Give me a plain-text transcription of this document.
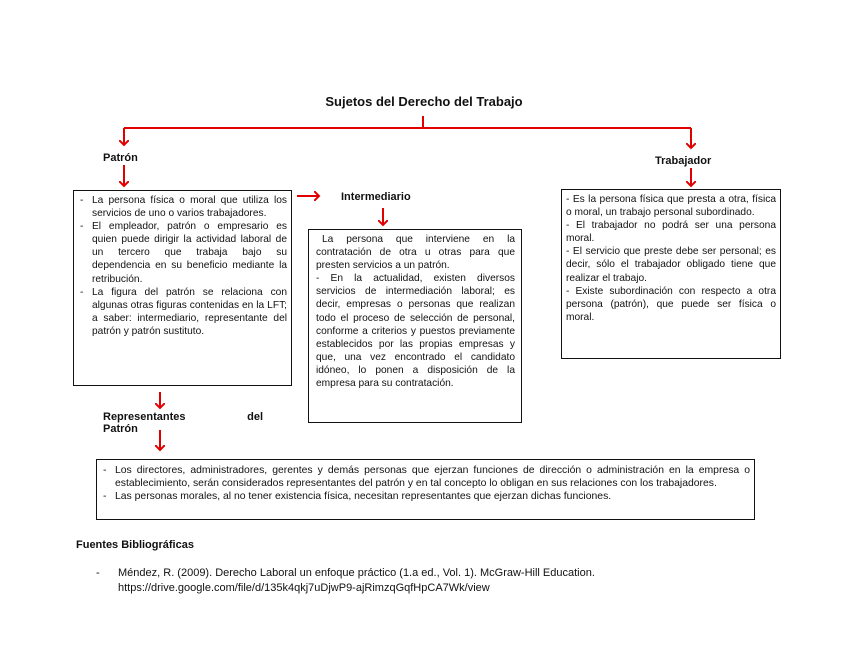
Sujetos del Derecho del Trabajo
Patrón
- La persona física o moral que utiliza los servicios de uno o varios trabajadores.
- El empleador, patrón o empresario es quien puede dirigir la actividad laboral de un tercero que trabaja bajo su dependencia en su beneficio mediante la retribución.
- La figura del patrón se relaciona con algunas otras figuras contenidas en la LFT; a saber: intermediario, representante del patrón y patrón sustituto.
Intermediario

La persona que interviene en la contratación de otra u otras para que presten servicios a un patrón.

- En la actualidad, existen diversos servicios de intermediación laboral; es decir, empresas o personas que realizan todo el proceso de selección de personal, conforme a criterios y puestos previamente establecidos por las propias empresas y que, una vez encontrado el candidato idóneo, lo ponen a disposición de la empresa para su contratación.

Trabajador

- Es la persona física que presta a otra, física o moral, un trabajo personal subordinado.

- El trabajador no podrá ser una persona moral.

- El servicio que preste debe ser personal; es decir, sólo el trabajador obligado tiene que realizar el trabajo.

- Existe subordinación con respecto a otra persona (patrón), que puede ser física o moral.

Representantes del
Patrón
- Los directores, administradores, gerentes y demás personas que ejerzan funciones de dirección o administración en la empresa o establecimiento, serán considerados representantes del patrón y en tal concepto lo obligan en sus relaciones con los trabajadores.
- Las personas morales, al no tener existencia física, necesitan representantes que ejerzan dichas funciones.
Fuentes Bibliográficas
-	Méndez, R. (2009). Derecho Laboral un enfoque práctico (1.a ed., Vol. 1). McGraw-Hill Education.
https://drive.google.com/file/d/135k4qkj7uDjwP9-ajRimzqGqfHpCA7Wk/view
